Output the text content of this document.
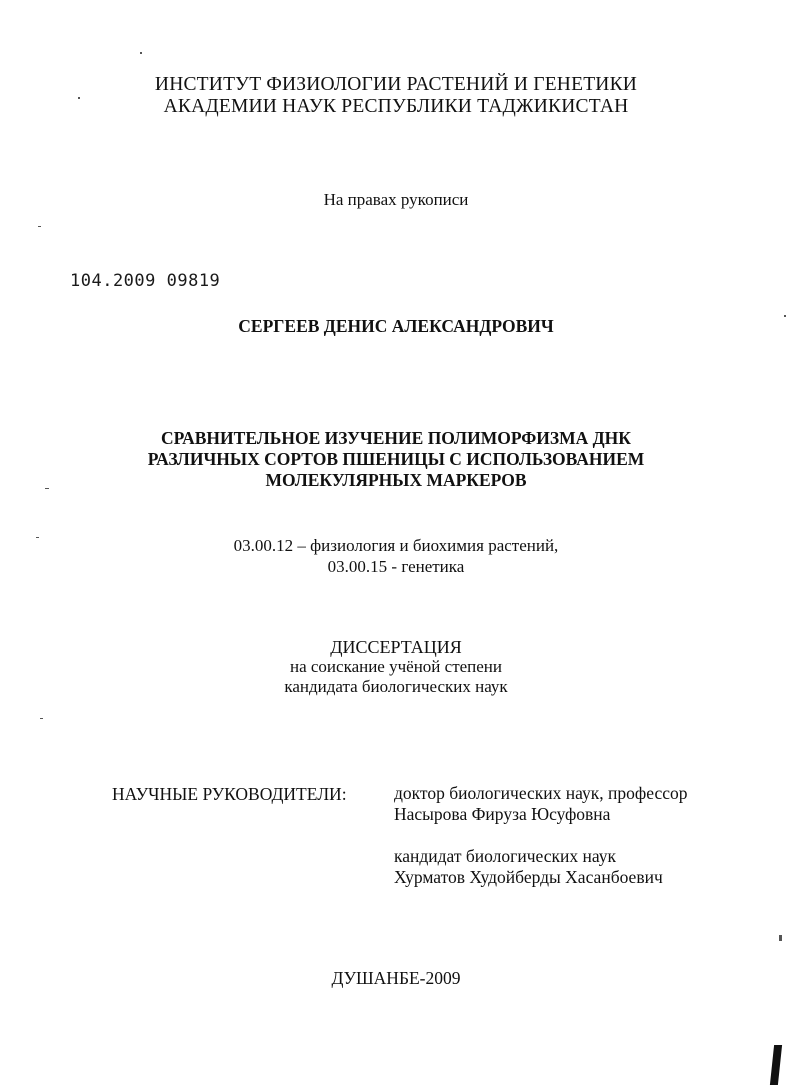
ИНСТИТУТ ФИЗИОЛОГИИ РАСТЕНИЙ И ГЕНЕТИКИ
АКАДЕМИИ НАУК РЕСПУБЛИКИ ТАДЖИКИСТАН
На правах рукописи
104.2009 09819
СЕРГЕЕВ ДЕНИС АЛЕКСАНДРОВИЧ
СРАВНИТЕЛЬНОЕ ИЗУЧЕНИЕ ПОЛИМОРФИЗМА ДНК
РАЗЛИЧНЫХ СОРТОВ ПШЕНИЦЫ С ИСПОЛЬЗОВАНИЕМ
МОЛЕКУЛЯРНЫХ МАРКЕРОВ
03.00.12 – физиология и биохимия растений,
03.00.15 - генетика
ДИССЕРТАЦИЯ
на соискание учёной степени
кандидата биологических наук
НАУЧНЫЕ РУКОВОДИТЕЛИ:	доктор биологических наук, профессор
Насырова Фируза Юсуфовна
кандидат биологических наук
Хурматов Худойберды Хасанбоевич
ДУШАНБЕ-2009
